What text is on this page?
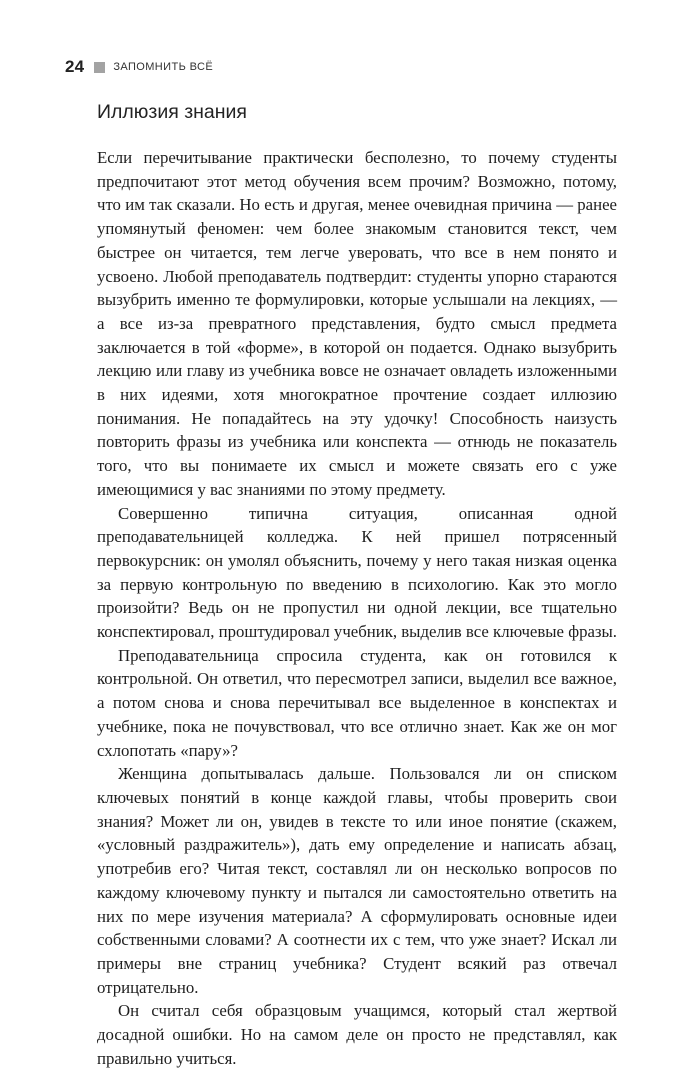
24	ЗАПОМНИТЬ ВСЁ
Иллюзия знания

Если перечитывание практически бесполезно, то почему студенты предпочитают этот метод обучения всем прочим? Возможно, потому, что им так сказали. Но есть и другая, менее очевидная причина — ранее упомянутый феномен: чем более знакомым становится текст, чем быстрее он читается, тем легче уверовать, что все в нем понято и усвоено. Любой преподаватель подтвердит: студенты упорно стараются вызубрить именно те формулировки, которые услышали на лекциях, — а все из-за превратного представления, будто смысл предмета заключается в той «форме», в которой он подается. Однако вызубрить лекцию или главу из учебника вовсе не означает овладеть изложенными в них идеями, хотя многократное прочтение создает иллюзию понимания. Не попадайтесь на эту удочку! Способность наизусть повторить фразы из учебника или конспекта — отнюдь не показатель того, что вы понимаете их смысл и можете связать его с уже имеющимися у вас знаниями по этому предмету.

Совершенно типична ситуация, описанная одной преподавательницей колледжа. К ней пришел потрясенный первокурсник: он умолял объяснить, почему у него такая низкая оценка за первую контрольную по введению в психологию. Как это могло произойти? Ведь он не пропустил ни одной лекции, все тщательно конспектировал, проштудировал учебник, выделив все ключевые фразы.

Преподавательница спросила студента, как он готовился к контрольной. Он ответил, что пересмотрел записи, выделил все важное, а потом снова и снова перечитывал все выделенное в конспектах и учебнике, пока не почувствовал, что все отлично знает. Как же он мог схлопотать «пару»?

Женщина допытывалась дальше. Пользовался ли он списком ключевых понятий в конце каждой главы, чтобы проверить свои знания? Может ли он, увидев в тексте то или иное понятие (скажем, «условный раздражитель»), дать ему определение и написать абзац, употребив его? Читая текст, составлял ли он несколько вопросов по каждому ключевому пункту и пытался ли самостоятельно ответить на них по мере изучения материала? А сформулировать основные идеи собственными словами? А соотнести их с тем, что уже знает? Искал ли примеры вне страниц учебника? Студент всякий раз отвечал отрицательно.

Он считал себя образцовым учащимся, который стал жертвой досадной ошибки. Но на самом деле он просто не представлял, как правильно учиться.
